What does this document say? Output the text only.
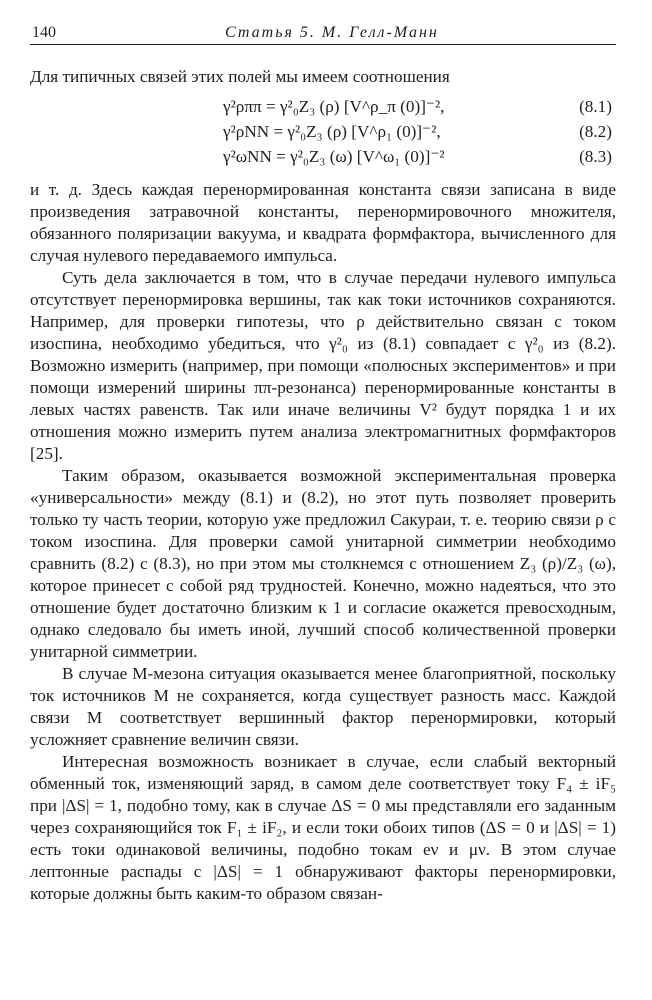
140	Статья 5. М. Гелл-Манн

Для типичных связей этих полей мы имеем соотношения

γ²ρππ = γ²₀Z₃ (ρ) [V^ρ_π (0)]⁻²,	(8.1)
γ²ρNN = γ²₀Z₃ (ρ) [V^ρ₁ (0)]⁻²,	(8.2)
γ²ωNN = γ²₀Z₃ (ω) [V^ω₁ (0)]⁻²	(8.3)

и т. д. Здесь каждая перенормированная константа связи записана в виде произведения затравочной константы, перенормировочного множителя, обязанного поляризации вакуума, и квадрата формфактора, вычисленного для случая нулевого передаваемого импульса.

Суть дела заключается в том, что в случае передачи нулевого импульса отсутствует перенормировка вершины, так как токи источников сохраняются. Например, для проверки гипотезы, что ρ действительно связан с током изоспина, необходимо убедиться, что γ²₀ из (8.1) совпадает с γ²₀ из (8.2). Возможно измерить (например, при помощи «полюсных экспериментов» и при помощи измерений ширины ππ-резонанса) перенормированные константы в левых частях равенств. Так или иначе величины V² будут порядка 1 и их отношения можно измерить путем анализа электромагнитных формфакторов [25].

Таким образом, оказывается возможной экспериментальная проверка «универсальности» между (8.1) и (8.2), но этот путь позволяет проверить только ту часть теории, которую уже предложил Сакураи, т. е. теорию связи ρ с током изоспина. Для проверки самой унитарной симметрии необходимо сравнить (8.2) с (8.3), но при этом мы столкнемся с отношением Z₃ (ρ)/Z₃ (ω), которое принесет с собой ряд трудностей. Конечно, можно надеяться, что это отношение будет достаточно близким к 1 и согласие окажется превосходным, однако следовало бы иметь иной, лучший способ количественной проверки унитарной симметрии.

В случае M-мезона ситуация оказывается менее благоприятной, поскольку ток источников M не сохраняется, когда существует разность масс. Каждой связи M соответствует вершинный фактор перенормировки, который усложняет сравнение величин связи.

Интересная возможность возникает в случае, если слабый векторный обменный ток, изменяющий заряд, в самом деле соответствует току F₄ ± iF₅ при |ΔS| = 1, подобно тому, как в случае ΔS = 0 мы представляли его заданным через сохраняющийся ток F₁ ± iF₂, и если токи обоих типов (ΔS = 0 и |ΔS| = 1) есть токи одинаковой величины, подобно токам eν и μν. В этом случае лептонные распады с |ΔS| = 1 обнаруживают факторы перенормировки, которые должны быть каким-то образом связан-
